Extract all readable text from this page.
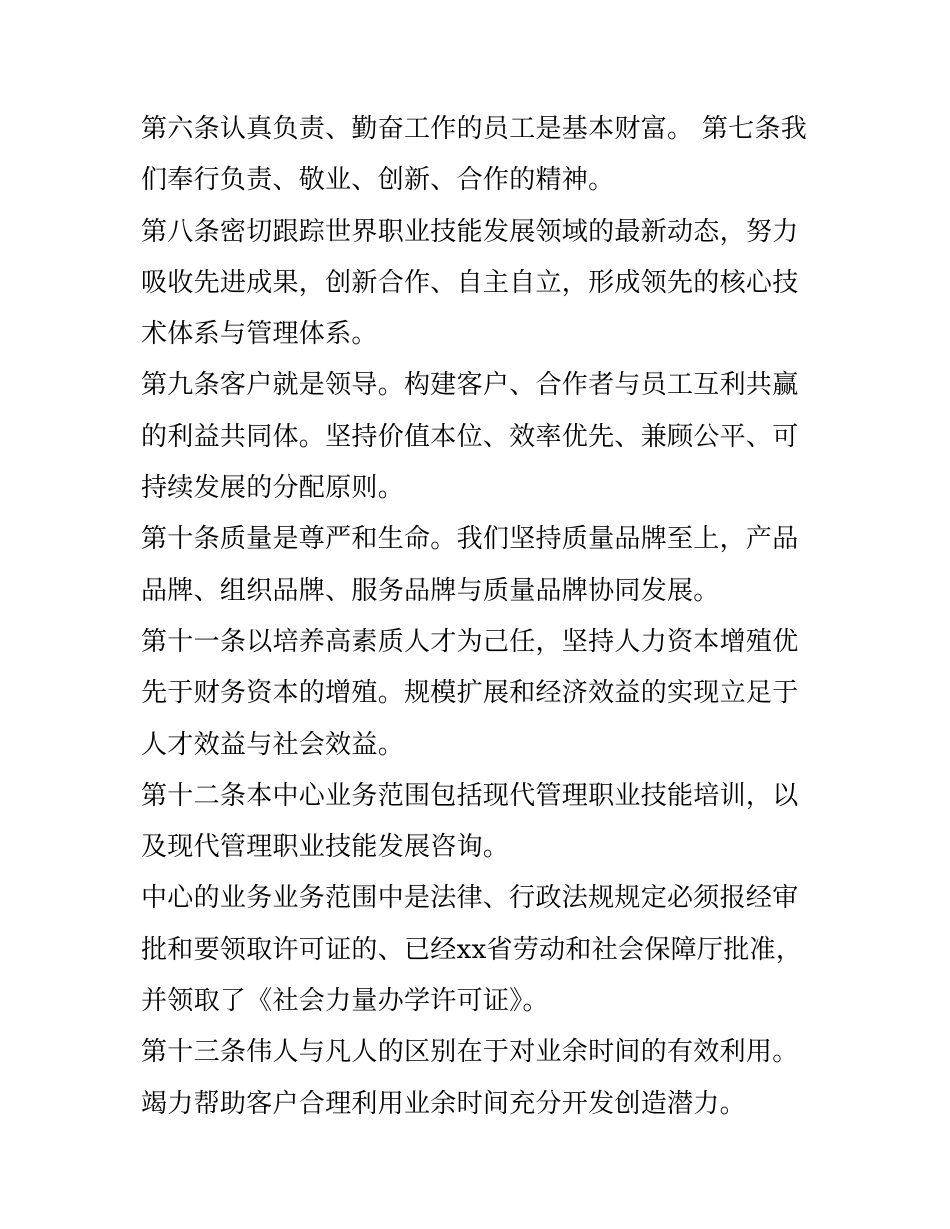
第六条认真负责、勤奋工作的员工是基本财富。 第七条我们奉行负责、敬业、创新、合作的精神。

第八条密切跟踪世界职业技能发展领域的最新动态，努力吸收先进成果，创新合作、自主自立，形成领先的核心技术体系与管理体系。

第九条客户就是领导。构建客户、合作者与员工互利共赢的利益共同体。坚持价值本位、效率优先、兼顾公平、可持续发展的分配原则。

第十条质量是尊严和生命。我们坚持质量品牌至上，产品品牌、组织品牌、服务品牌与质量品牌协同发展。

第十一条以培养高素质人才为己任，坚持人力资本增殖优先于财务资本的增殖。规模扩展和经济效益的实现立足于人才效益与社会效益。

第十二条本中心业务范围包括现代管理职业技能培训，以及现代管理职业技能发展咨询。

中心的业务业务范围中是法律、行政法规规定必须报经审批和要领取许可证的、已经xx省劳动和社会保障厅批准，并领取了《社会力量办学许可证》。

第十三条伟人与凡人的区别在于对业余时间的有效利用。竭力帮助客户合理利用业余时间充分开发创造潜力。
